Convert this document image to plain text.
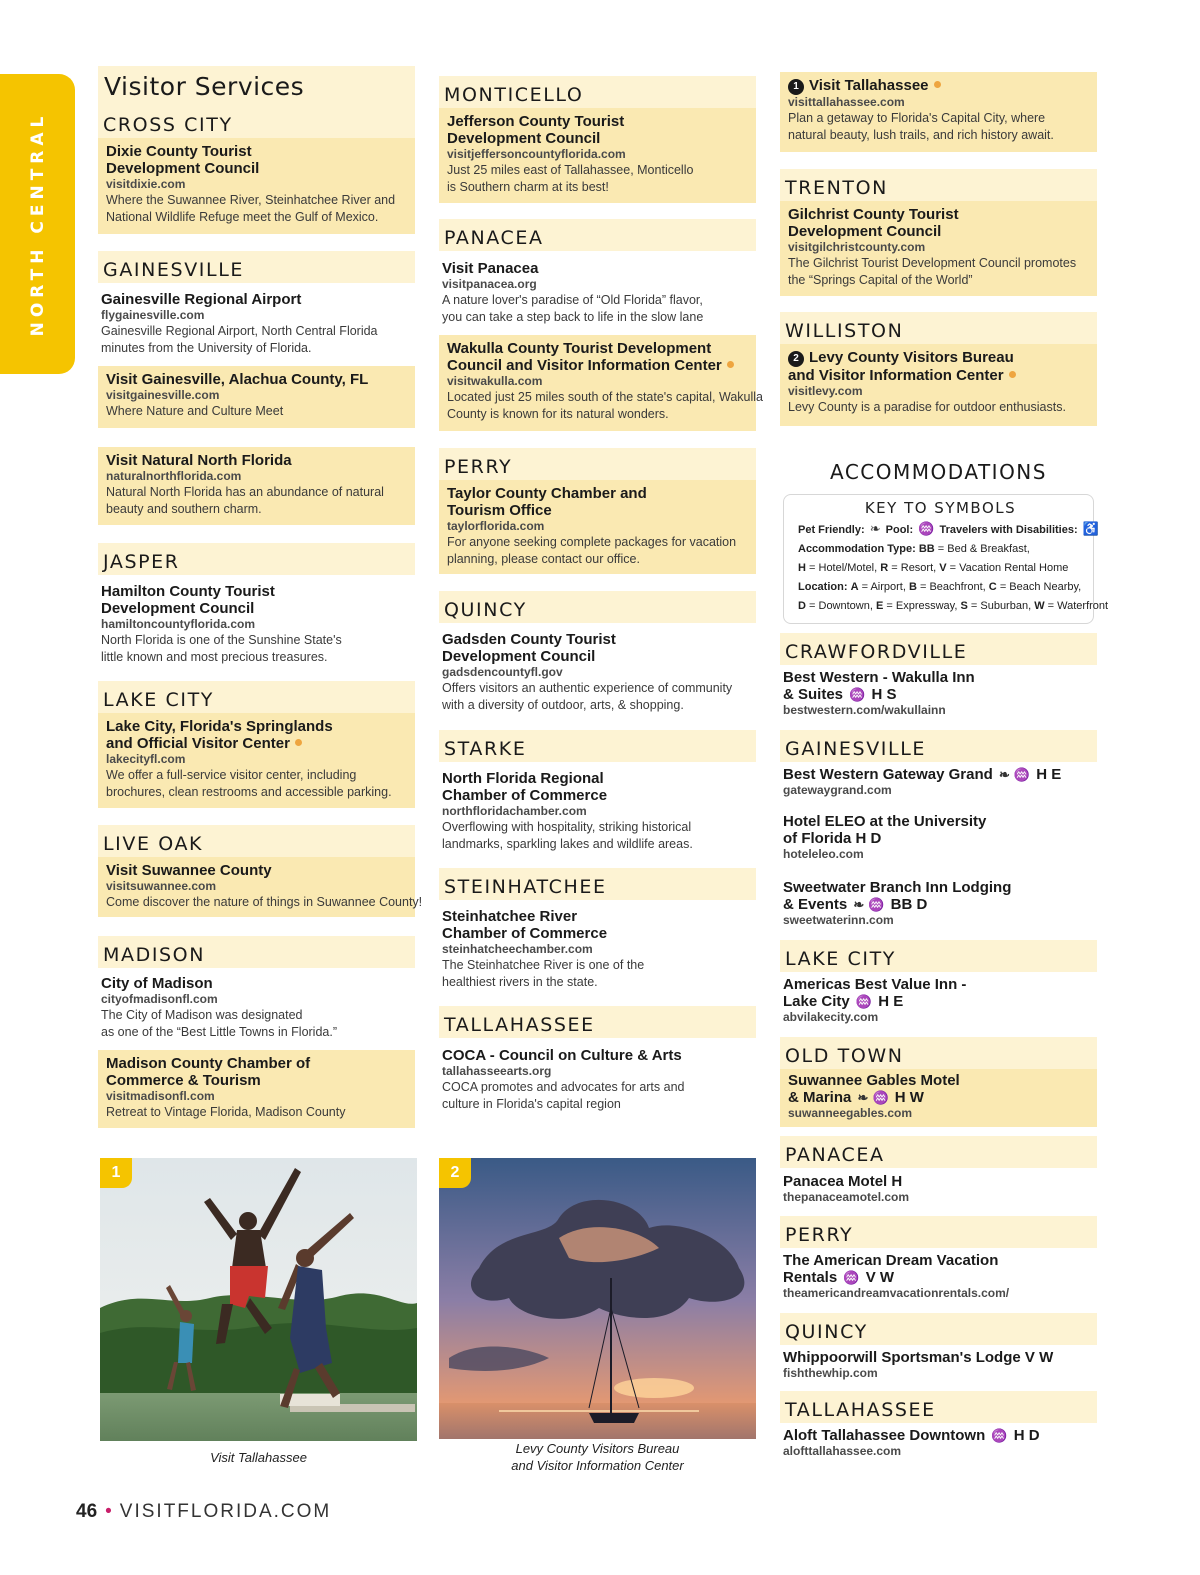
NORTH CENTRAL
Visitor Services
CROSS CITY
Dixie County Tourist
Development Council
visitdixie.com
Where the Suwannee River, Steinhatchee River and
National Wildlife Refuge meet the Gulf of Mexico.
GAINESVILLE
Gainesville Regional Airport
flygainesville.com
Gainesville Regional Airport, North Central Florida
minutes from the University of Florida.
Visit Gainesville, Alachua County, FL
visitgainesville.com
Where Nature and Culture Meet
Visit Natural North Florida
naturalnorthflorida.com
Natural North Florida has an abundance of natural
beauty and southern charm.
JASPER
Hamilton County Tourist
Development Council
hamiltoncountyflorida.com
North Florida is one of the Sunshine State's
little known and most precious treasures.
LAKE CITY
Lake City, Florida's Springlands
and Official Visitor Center
lakecityfl.com
We offer a full-service visitor center, including
brochures, clean restrooms and accessible parking.
LIVE OAK
Visit Suwannee County
visitsuwannee.com
Come discover the nature of things in Suwannee County!
MADISON
City of Madison
cityofmadisonfl.com
The City of Madison was designated
as one of the “Best Little Towns in Florida.”
Madison County Chamber of
Commerce & Tourism
visitmadisonfl.com
Retreat to Vintage Florida, Madison County
1
Visit Tallahassee
MONTICELLO
Jefferson County Tourist
Development Council
visitjeffersoncountyflorida.com
Just 25 miles east of Tallahassee, Monticello
is Southern charm at its best!
PANACEA
Visit Panacea
visitpanacea.org
A nature lover's paradise of “Old Florida” flavor,
you can take a step back to life in the slow lane
Wakulla County Tourist Development
Council and Visitor Information Center
visitwakulla.com
Located just 25 miles south of the state's capital, Wakulla
County is known for its natural wonders.
PERRY
Taylor County Chamber and
Tourism Office
taylorflorida.com
For anyone seeking complete packages for vacation
planning, please contact our office.
QUINCY
Gadsden County Tourist
Development Council
gadsdencountyfl.gov
Offers visitors an authentic experience of community
with a diversity of outdoor, arts, & shopping.
STARKE
North Florida Regional
Chamber of Commerce
northfloridachamber.com
Overflowing with hospitality, striking historical
landmarks, sparkling lakes and wildlife areas.
STEINHATCHEE
Steinhatchee River
Chamber of Commerce
steinhatcheechamber.com
The Steinhatchee River is one of the
healthiest rivers in the state.
TALLAHASSEE
COCA - Council on Culture & Arts
tallahasseearts.org
COCA promotes and advocates for arts and
culture in Florida's capital region
2
Levy County Visitors Bureau
and Visitor Information Center
1 Visit Tallahassee
visittallahassee.com
Plan a getaway to Florida's Capital City, where
natural beauty, lush trails, and rich history await.
TRENTON
Gilchrist County Tourist
Development Council
visitgilchristcounty.com
The Gilchrist Tourist Development Council promotes
the “Springs Capital of the World”
WILLISTON
2 Levy County Visitors Bureau
and Visitor Information Center
visitlevy.com
Levy County is a paradise for outdoor enthusiasts.
ACCOMMODATIONS
KEY TO SYMBOLS
Pet Friendly: ❧ Pool: ♒ Travelers with Disabilities: ♿
Accommodation Type: BB = Bed & Breakfast,
H = Hotel/Motel, R = Resort, V = Vacation Rental Home
Location: A = Airport, B = Beachfront, C = Beach Nearby,
D = Downtown, E = Expressway, S = Suburban, W = Waterfront
CRAWFORDVILLE
Best Western - Wakulla Inn
& Suites ♒ H S
bestwestern.com/wakullainn
GAINESVILLE
Best Western Gateway Grand ❧ ♒ H E
gatewaygrand.com
Hotel ELEO at the University
of Florida H D
hoteleleo.com
Sweetwater Branch Inn Lodging
& Events ❧ ♒ BB D
sweetwaterinn.com
LAKE CITY
Americas Best Value Inn -
Lake City ♒ H E
abvilakecity.com
OLD TOWN
Suwannee Gables Motel
& Marina ❧ ♒ H W
suwanneegables.com
PANACEA
Panacea Motel H
thepanaceamotel.com
PERRY
The American Dream Vacation
Rentals ♒ V W
theamericandreamvacationrentals.com/
QUINCY
Whippoorwill Sportsman's Lodge V W
fishthewhip.com
TALLAHASSEE
Aloft Tallahassee Downtown ♒ H D
alofttallahassee.com
46 • VISITFLORIDA.COM
